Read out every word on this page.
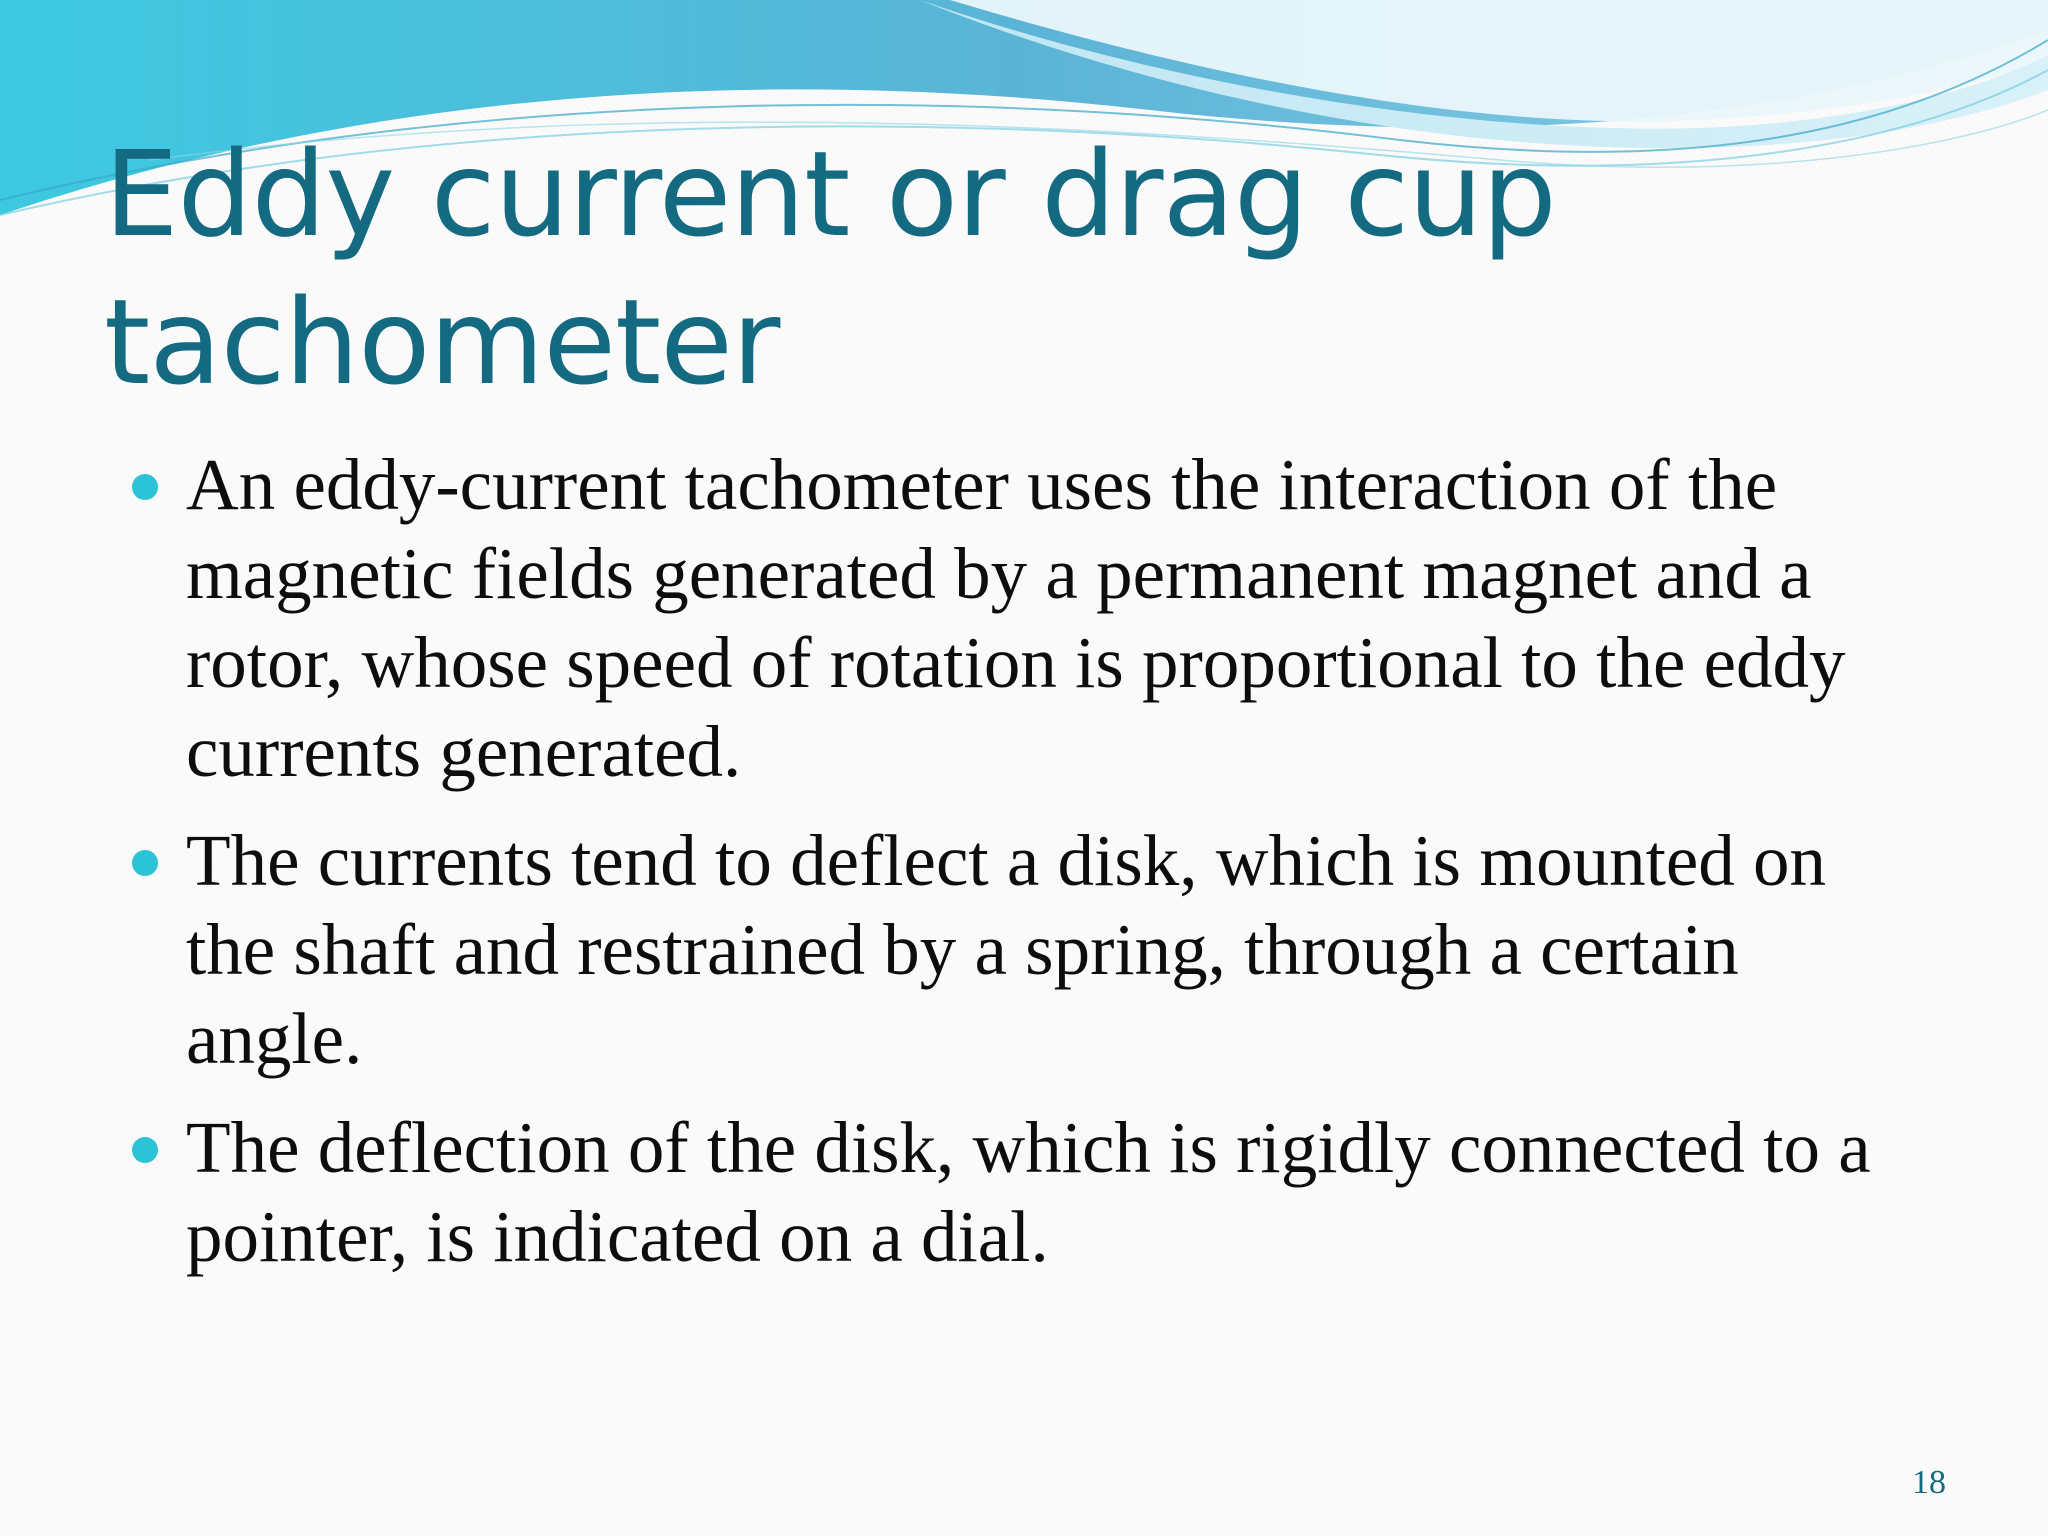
Eddy current or drag cup tachometer
An eddy-current tachometer uses the interaction of the magnetic fields generated by a permanent magnet and a rotor, whose speed of rotation is proportional to the eddy currents generated.
The currents tend to deflect a disk, which is mounted on the shaft and restrained by a spring, through a certain angle.
The deflection of the disk, which is rigidly connected to a pointer, is indicated on a dial.
18
